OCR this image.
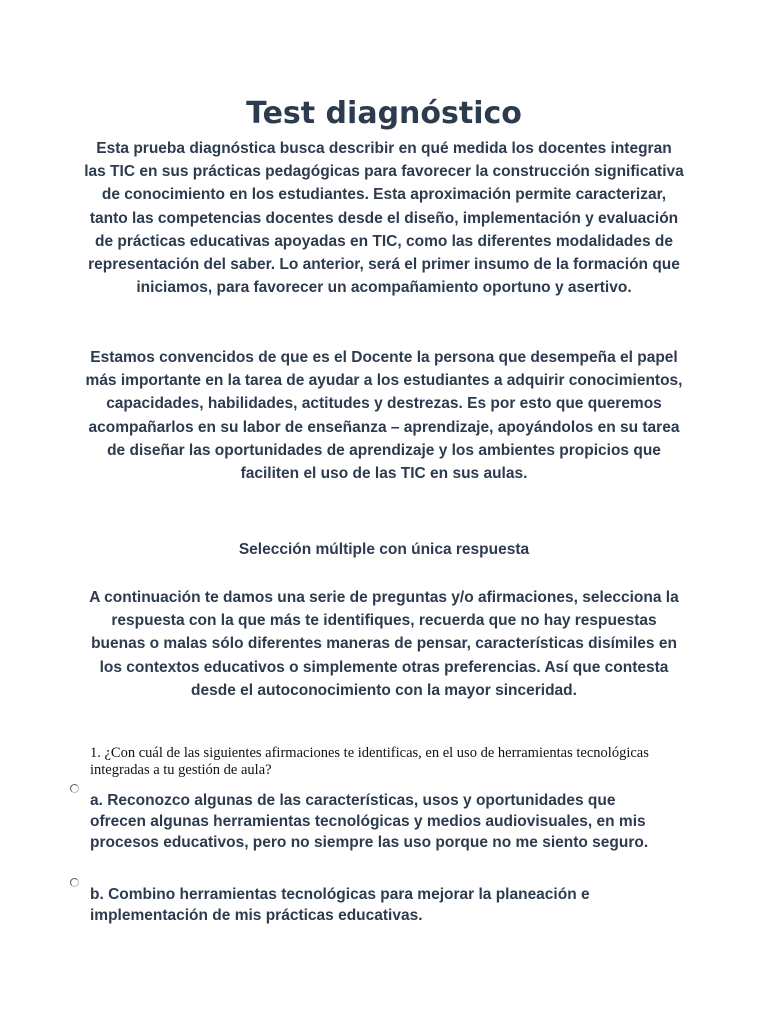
Test diagnóstico

Esta prueba diagnóstica busca describir en qué medida los docentes integran las TIC en sus prácticas pedagógicas para favorecer la construcción significativa de conocimiento en los estudiantes. Esta aproximación permite caracterizar, tanto las competencias docentes desde el diseño, implementación y evaluación de prácticas educativas apoyadas en TIC, como las diferentes modalidades de representación del saber. Lo anterior, será el primer insumo de la formación que iniciamos, para favorecer un acompañamiento oportuno y asertivo.

Estamos convencidos de que es el Docente la persona que desempeña el papel más importante en la tarea de ayudar a los estudiantes a adquirir conocimientos, capacidades, habilidades, actitudes y destrezas. Es por esto que queremos acompañarlos en su labor de enseñanza – aprendizaje, apoyándolos en su tarea de diseñar las oportunidades de aprendizaje y los ambientes propicios que faciliten el uso de las TIC en sus aulas.

Selección múltiple con única respuesta

A continuación te damos una serie de preguntas y/o afirmaciones, selecciona la respuesta con la que más te identifiques, recuerda que no hay respuestas buenas o malas sólo diferentes maneras de pensar, características disímiles en los contextos educativos o simplemente otras preferencias. Así que contesta desde el autoconocimiento con la mayor sinceridad.

1. ¿Con cuál de las siguientes afirmaciones te identificas, en el uso de herramientas tecnológicas integradas a tu gestión de aula?

a. Reconozco algunas de las características, usos y oportunidades que ofrecen algunas herramientas tecnológicas y medios audiovisuales, en mis procesos educativos, pero no siempre las uso porque no me siento seguro.

b. Combino herramientas tecnológicas para mejorar la planeación e implementación de mis prácticas educativas.
